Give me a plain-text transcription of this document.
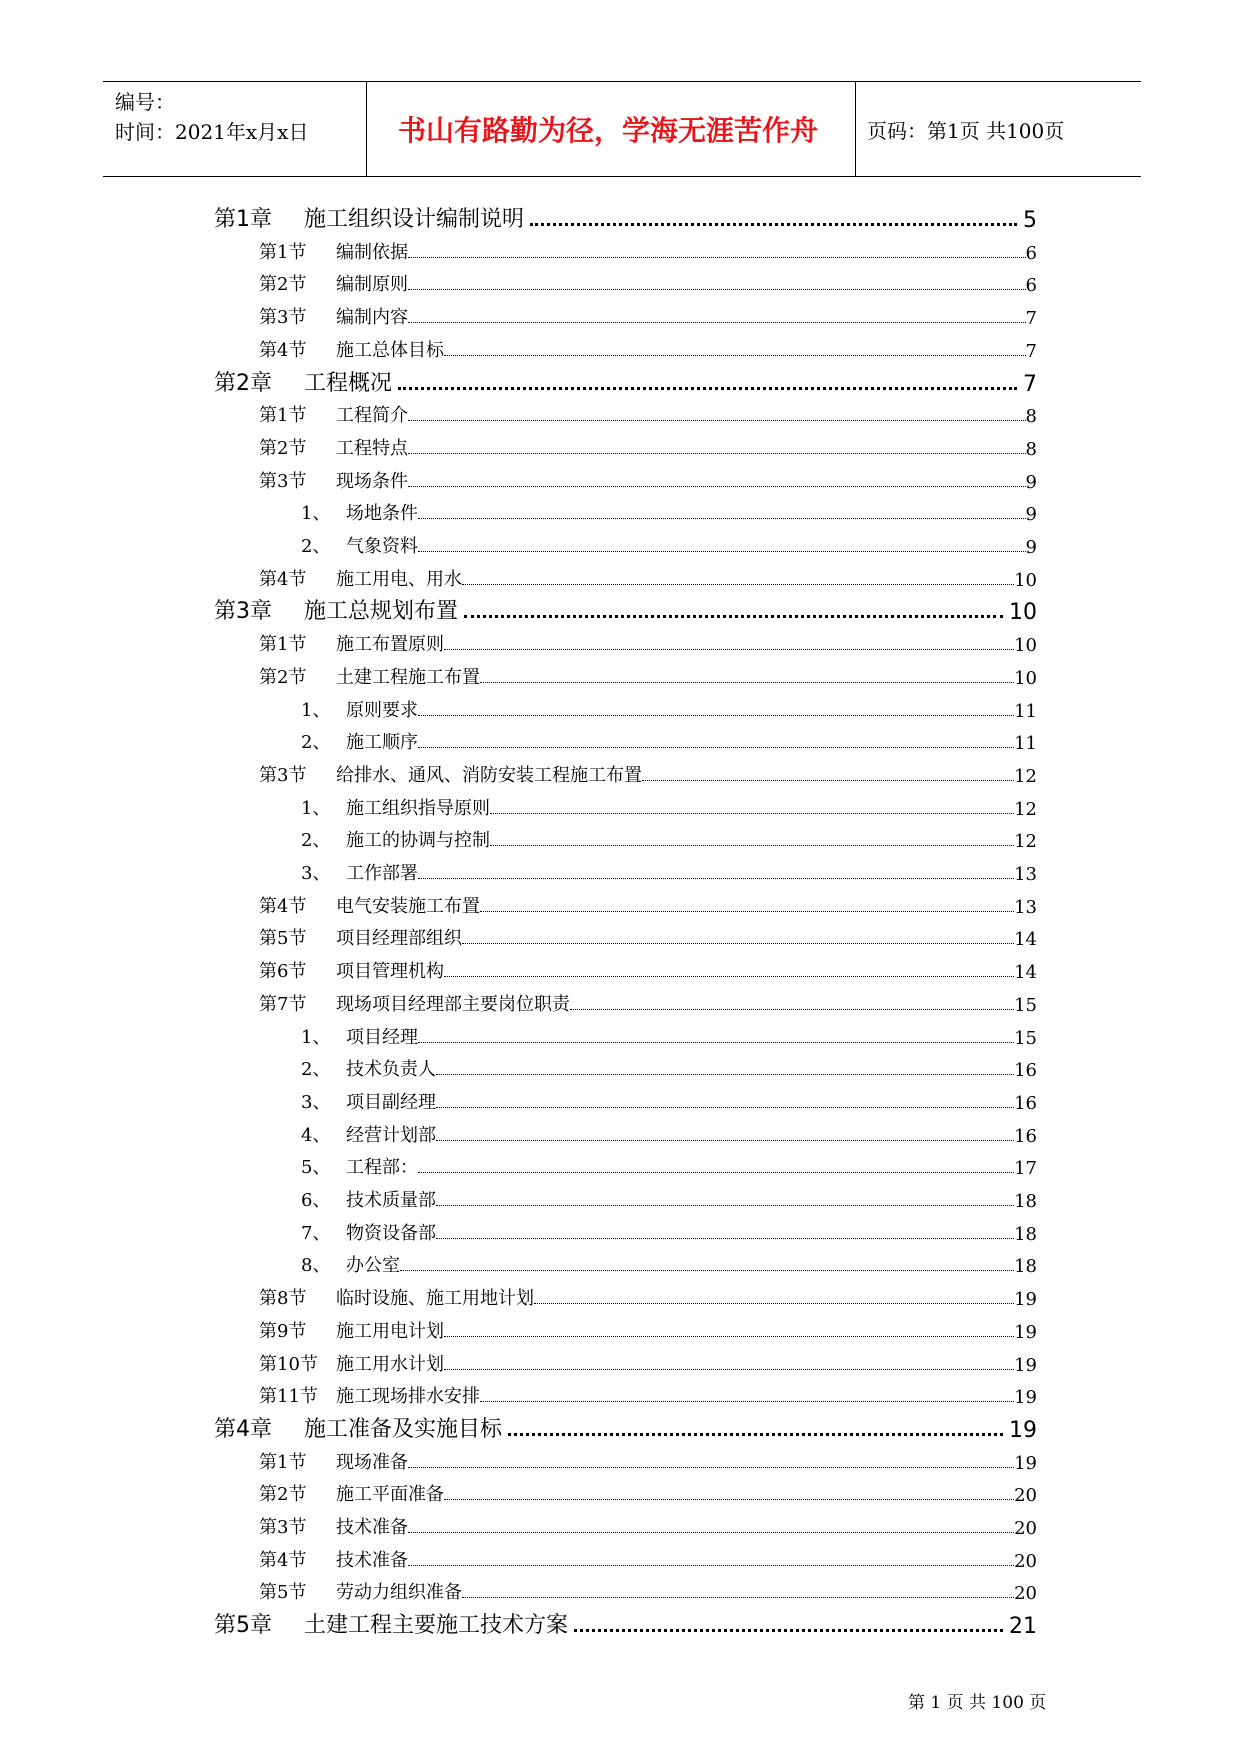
编号：
时间：2021年x月x日	书山有路勤为径，学海无涯苦作舟	页码：第1页 共100页
第1章	施工组织设计编制说明	5
第1节	编制依据	6
第2节	编制原则	6
第3节	编制内容	7
第4节	施工总体目标	7
第2章	工程概况	7
第1节	工程简介	8
第2节	工程特点	8
第3节	现场条件	9
1、 场地条件	9
2、 气象资料	9
第4节	施工用电、用水	10
第3章	施工总规划布置	10
第1节	施工布置原则	10
第2节	土建工程施工布置	10
1、 原则要求	11
2、 施工顺序	11
第3节	给排水、通风、消防安装工程施工布置	12
1、 施工组织指导原则	12
2、 施工的协调与控制	12
3、 工作部署	13
第4节	电气安装施工布置	13
第5节	项目经理部组织	14
第6节	项目管理机构	14
第7节	现场项目经理部主要岗位职责	15
1、 项目经理	15
2、 技术负责人	16
3、 项目副经理	16
4、 经营计划部	16
5、 工程部：	17
6、 技术质量部	18
7、 物资设备部	18
8、 办公室	18
第8节	临时设施、施工用地计划	19
第9节	施工用电计划	19
第10节	施工用水计划	19
第11节	施工现场排水安排	19
第4章	施工准备及实施目标	19
第1节	现场准备	19
第2节	施工平面准备	20
第3节	技术准备	20
第4节	技术准备	20
第5节	劳动力组织准备	20
第5章	土建工程主要施工技术方案	21
第 1 页 共 100 页
